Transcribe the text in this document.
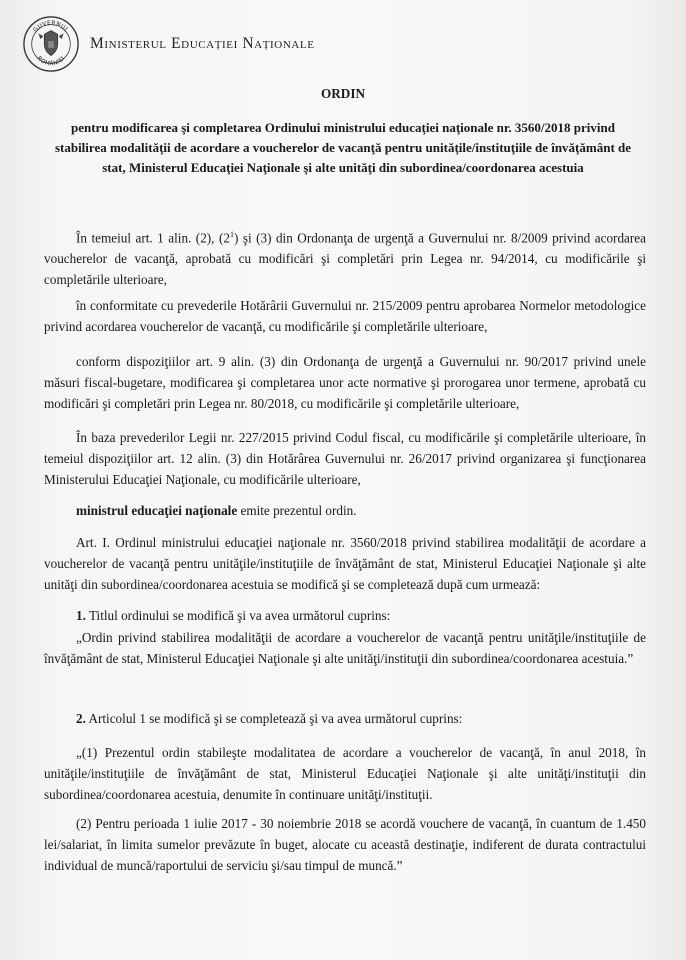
GUVERNUL
ROMÂNIEI
Ministerul Educației Naționale
ORDIN
pentru modificarea şi completarea Ordinului ministrului educaţiei naţionale nr. 3560/2018 privind stabilirea modalităţii de acordare a voucherelor de vacanţă pentru unităţile/instituţiile de învăţământ de stat, Ministerul Educaţiei Naţionale şi alte unităţi din subordinea/coordonarea acestuia
În temeiul art. 1 alin. (2), $(2^1)$ şi (3) din Ordonanţa de urgenţă a Guvernului nr. 8/2009 privind acordarea voucherelor de vacanţă, aprobată cu modificări şi completări prin Legea nr. 94/2014, cu modificările şi completările ulterioare,
în conformitate cu prevederile Hotărârii Guvernului nr. 215/2009 pentru aprobarea Normelor metodologice privind acordarea voucherelor de vacanţă, cu modificările şi completările ulterioare,
conform dispoziţiilor art. 9 alin. (3) din Ordonanţa de urgenţă a Guvernului nr. 90/2017 privind unele măsuri fiscal-bugetare, modificarea şi completarea unor acte normative şi prorogarea unor termene, aprobată cu modificări şi completări prin Legea nr. 80/2018, cu modificările şi completările ulterioare,
În baza prevederilor Legii nr. 227/2015 privind Codul fiscal, cu modificările şi completările ulterioare, în temeiul dispoziţiilor art. 12 alin. (3) din Hotărârea Guvernului nr. 26/2017 privind organizarea şi funcţionarea Ministerului Educaţiei Naţionale, cu modificările ulterioare,
ministrul educaţiei naţionale emite prezentul ordin.
Art. I. Ordinul ministrului educaţiei naţionale nr. 3560/2018 privind stabilirea modalităţii de acordare a voucherelor de vacanţă pentru unităţile/instituţiile de învăţământ de stat, Ministerul Educaţiei Naţionale şi alte unităţi din subordinea/coordonarea acestuia se modifică şi se completează după cum urmează:
1. Titlul ordinului se modifică şi va avea următorul cuprins:
„Ordin privind stabilirea modalităţii de acordare a voucherelor de vacanţă pentru unităţile/instituţiile de învăţământ de stat, Ministerul Educaţiei Naţionale şi alte unităţi/instituţii din subordinea/coordonarea acestuia.”
2. Articolul 1 se modifică şi se completează şi va avea următorul cuprins:
„(1) Prezentul ordin stabileşte modalitatea de acordare a voucherelor de vacanţă, în anul 2018, în unităţile/instituţiile de învăţământ de stat, Ministerul Educaţiei Naţionale şi alte unităţi/instituţii din subordinea/coordonarea acestuia, denumite în continuare unităţi/instituţii.
(2) Pentru perioada 1 iulie 2017 - 30 noiembrie 2018 se acordă vouchere de vacanţă, în cuantum de 1.450 lei/salariat, în limita sumelor prevăzute în buget, alocate cu această destinaţie, indiferent de durata contractului individual de muncă/raportului de serviciu şi/sau timpul de muncă.”
